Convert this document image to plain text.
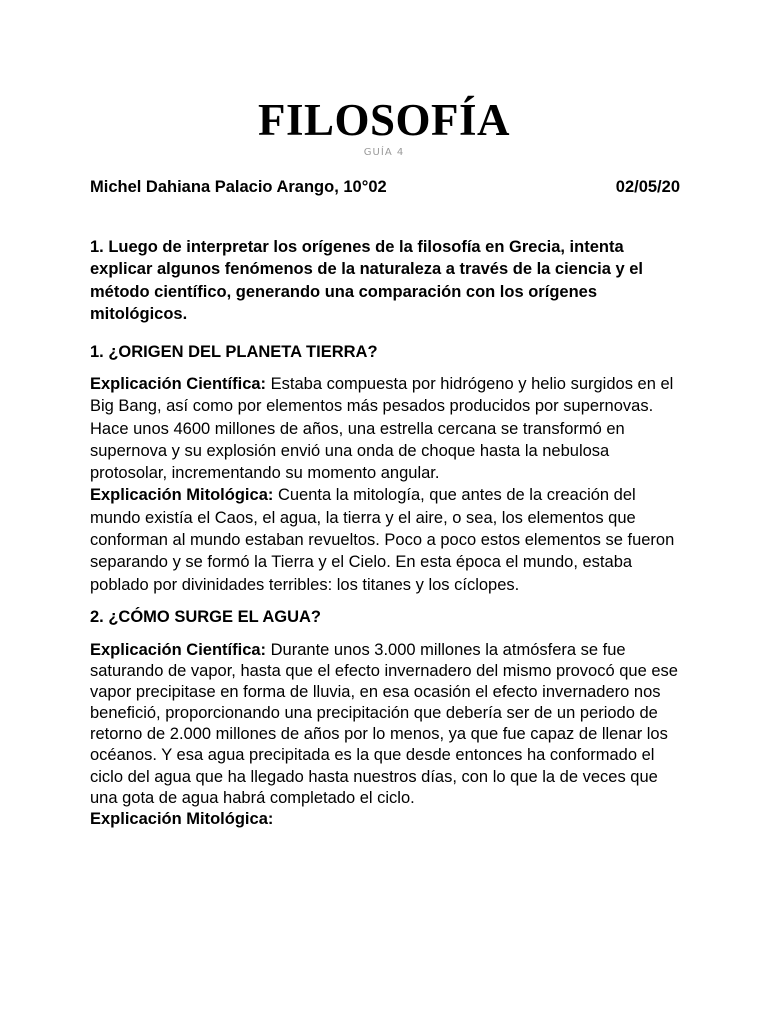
FILOSOFÍA
GUÍA 4
Michel Dahiana Palacio Arango, 10°02	02/05/20
1. Luego de interpretar los orígenes de la filosofía en Grecia, intenta explicar algunos fenómenos de la naturaleza a través de la ciencia y el método científico, generando una comparación con los orígenes mitológicos.
1. ¿ORIGEN DEL PLANETA TIERRA?
Explicación Científica: Estaba compuesta por hidrógeno y helio surgidos en el Big Bang, así como por elementos más pesados producidos por supernovas. Hace unos 4600 millones de años, una estrella cercana se transformó en supernova y su explosión envió una onda de choque hasta la nebulosa protosolar, incrementando su momento angular.
Explicación Mitológica: Cuenta la mitología, que antes de la creación del mundo existía el Caos, el agua, la tierra y el aire, o sea, los elementos que conforman al mundo estaban revueltos. Poco a poco estos elementos se fueron separando y se formó la Tierra y el Cielo. En esta época el mundo, estaba poblado por divinidades terribles: los titanes y los cíclopes.
2. ¿CÓMO SURGE EL AGUA?
Explicación Científica: Durante unos 3.000 millones la atmósfera se fue saturando de vapor, hasta que el efecto invernadero del mismo provocó que ese vapor precipitase en forma de lluvia, en esa ocasión el efecto invernadero nos benefició, proporcionando una precipitación que debería ser de un periodo de retorno de 2.000 millones de años por lo menos, ya que fue capaz de llenar los océanos. Y esa agua precipitada es la que desde entonces ha conformado el ciclo del agua que ha llegado hasta nuestros días, con lo que la de veces que una gota de agua habrá completado el ciclo.
Explicación Mitológica:
